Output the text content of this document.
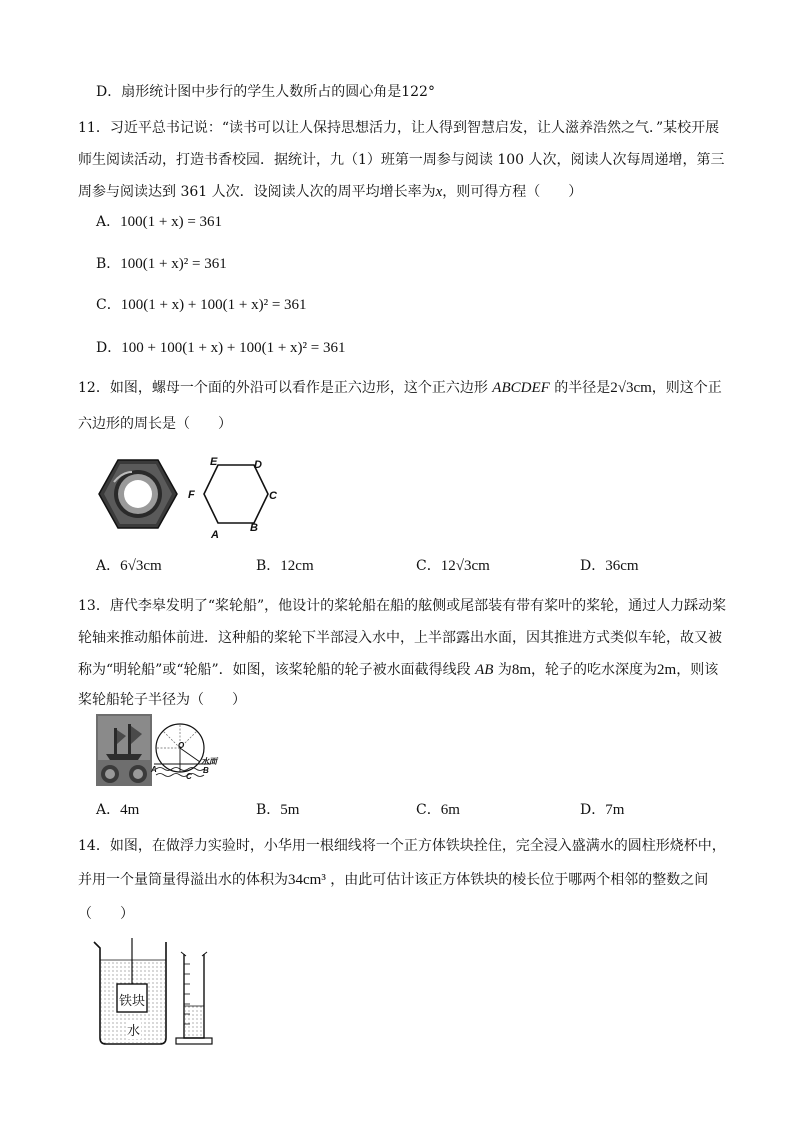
D．扇形统计图中步行的学生人数所占的圆心角是122°
11．习近平总书记说：“读书可以让人保持思想活力，让人得到智慧启发，让人滋养浩然之气．”某校开展
师生阅读活动，打造书香校园．据统计，九（1）班第一周参与阅读 100 人次，阅读人次每周递增，第三
周参与阅读达到 361 人次．设阅读人次的周平均增长率为x，则可得方程（　　）
A．100(1 + x) = 361
B．100(1 + x)² = 361
C．100(1 + x) + 100(1 + x)² = 361
D．100 + 100(1 + x) + 100(1 + x)² = 361
12．如图，螺母一个面的外沿可以看作是正六边形，这个正六边形 ABCDEF 的半径是2√3cm，则这个正
六边形的周长是（　　）
A
B
C
D
E
F
A．6√3cm	B．12cm	C．12√3cm	D．36cm
13．唐代李皋发明了“桨轮船”，他设计的桨轮船在船的舷侧或尾部装有带有桨叶的桨轮，通过人力踩动桨
轮轴来推动船体前进．这种船的桨轮下半部浸入水中，上半部露出水面，因其推进方式类似车轮，故又被
称为“明轮船”或“轮船”．如图，该桨轮船的轮子被水面截得线段 AB 为8m，轮子的吃水深度为2m，则该
桨轮船轮子半径为（　　）
O
水面
A	B
C
A．4m	B．5m	C．6m	D．7m
14．如图，在做浮力实验时，小华用一根细线将一个正方体铁块拴住，完全浸入盛满水的圆柱形烧杯中，
并用一个量筒量得溢出水的体积为34cm³ ，由此可估计该正方体铁块的棱长位于哪两个相邻的整数之间
（　　）
铁块
水
